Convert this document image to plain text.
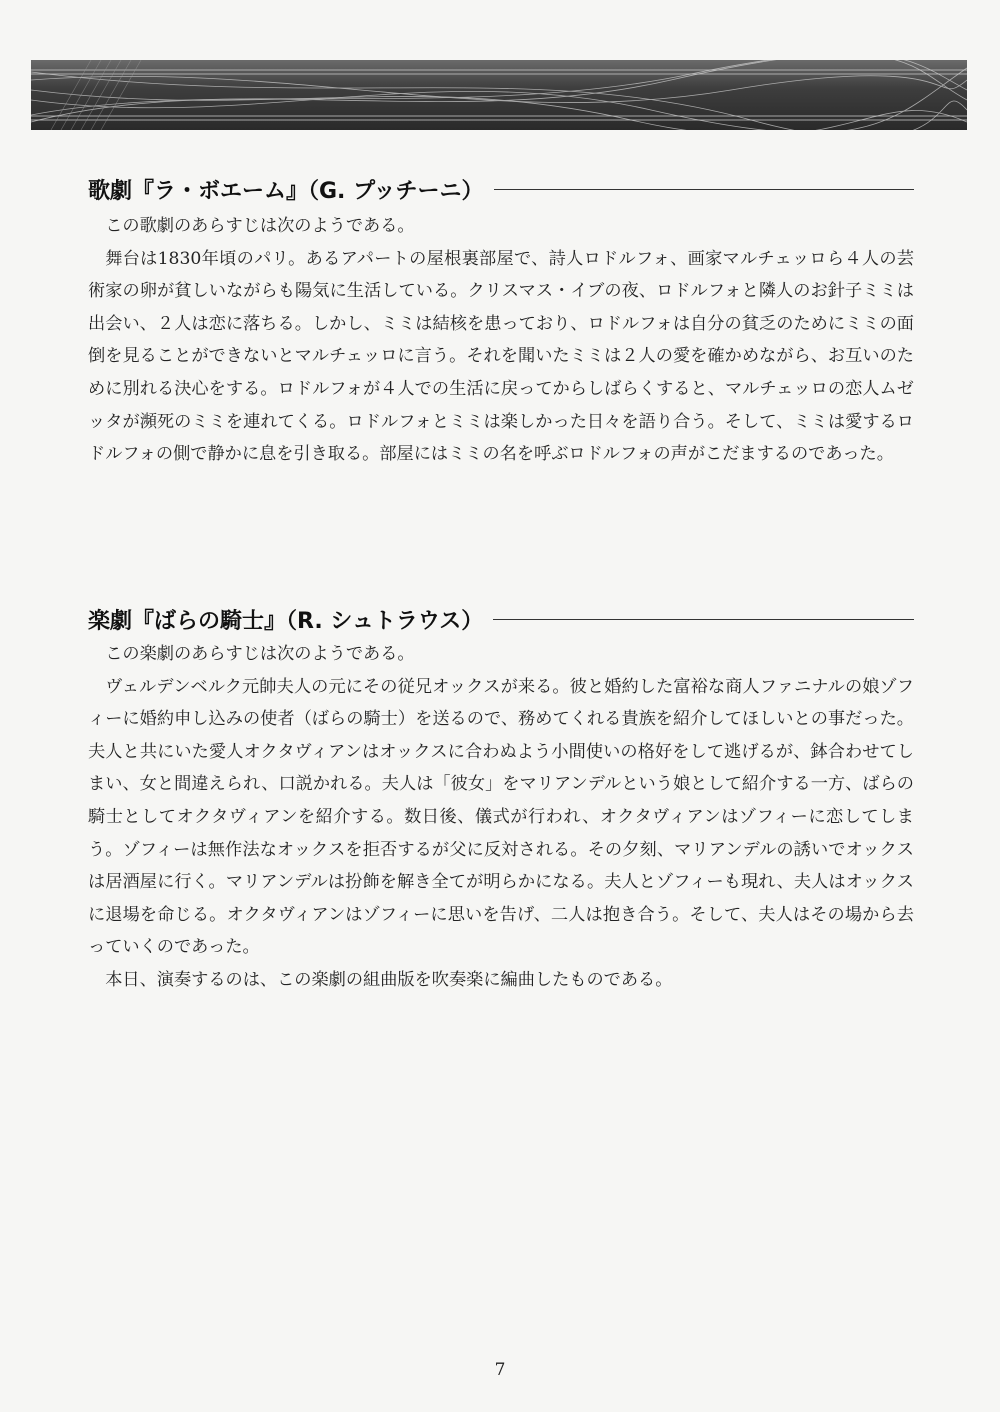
歌劇『ラ・ボエーム』（G. プッチーニ）

この歌劇のあらすじは次のようである。

舞台は1830年頃のパリ。あるアパートの屋根裏部屋で、詩人ロドルフォ、画家マルチェッロら４人の芸術家の卵が貧しいながらも陽気に生活している。クリスマス・イブの夜、ロドルフォと隣人のお針子ミミは出会い、２人は恋に落ちる。しかし、ミミは結核を患っており、ロドルフォは自分の貧乏のためにミミの面倒を見ることができないとマルチェッロに言う。それを聞いたミミは２人の愛を確かめながら、お互いのために別れる決心をする。ロドルフォが４人での生活に戻ってからしばらくすると、マルチェッロの恋人ムゼッタが瀕死のミミを連れてくる。ロドルフォとミミは楽しかった日々を語り合う。そして、ミミは愛するロドルフォの側で静かに息を引き取る。部屋にはミミの名を呼ぶロドルフォの声がこだまするのであった。

楽劇『ばらの騎士』（R. シュトラウス）

この楽劇のあらすじは次のようである。

ヴェルデンベルク元帥夫人の元にその従兄オックスが来る。彼と婚約した富裕な商人ファニナルの娘ゾフィーに婚約申し込みの使者（ばらの騎士）を送るので、務めてくれる貴族を紹介してほしいとの事だった。夫人と共にいた愛人オクタヴィアンはオックスに合わぬよう小間使いの格好をして逃げるが、鉢合わせてしまい、女と間違えられ、口説かれる。夫人は「彼女」をマリアンデルという娘として紹介する一方、ばらの騎士としてオクタヴィアンを紹介する。数日後、儀式が行われ、オクタヴィアンはゾフィーに恋してしまう。ゾフィーは無作法なオックスを拒否するが父に反対される。その夕刻、マリアンデルの誘いでオックスは居酒屋に行く。マリアンデルは扮飾を解き全てが明らかになる。夫人とゾフィーも現れ、夫人はオックスに退場を命じる。オクタヴィアンはゾフィーに思いを告げ、二人は抱き合う。そして、夫人はその場から去っていくのであった。

本日、演奏するのは、この楽劇の組曲版を吹奏楽に編曲したものである。

7
